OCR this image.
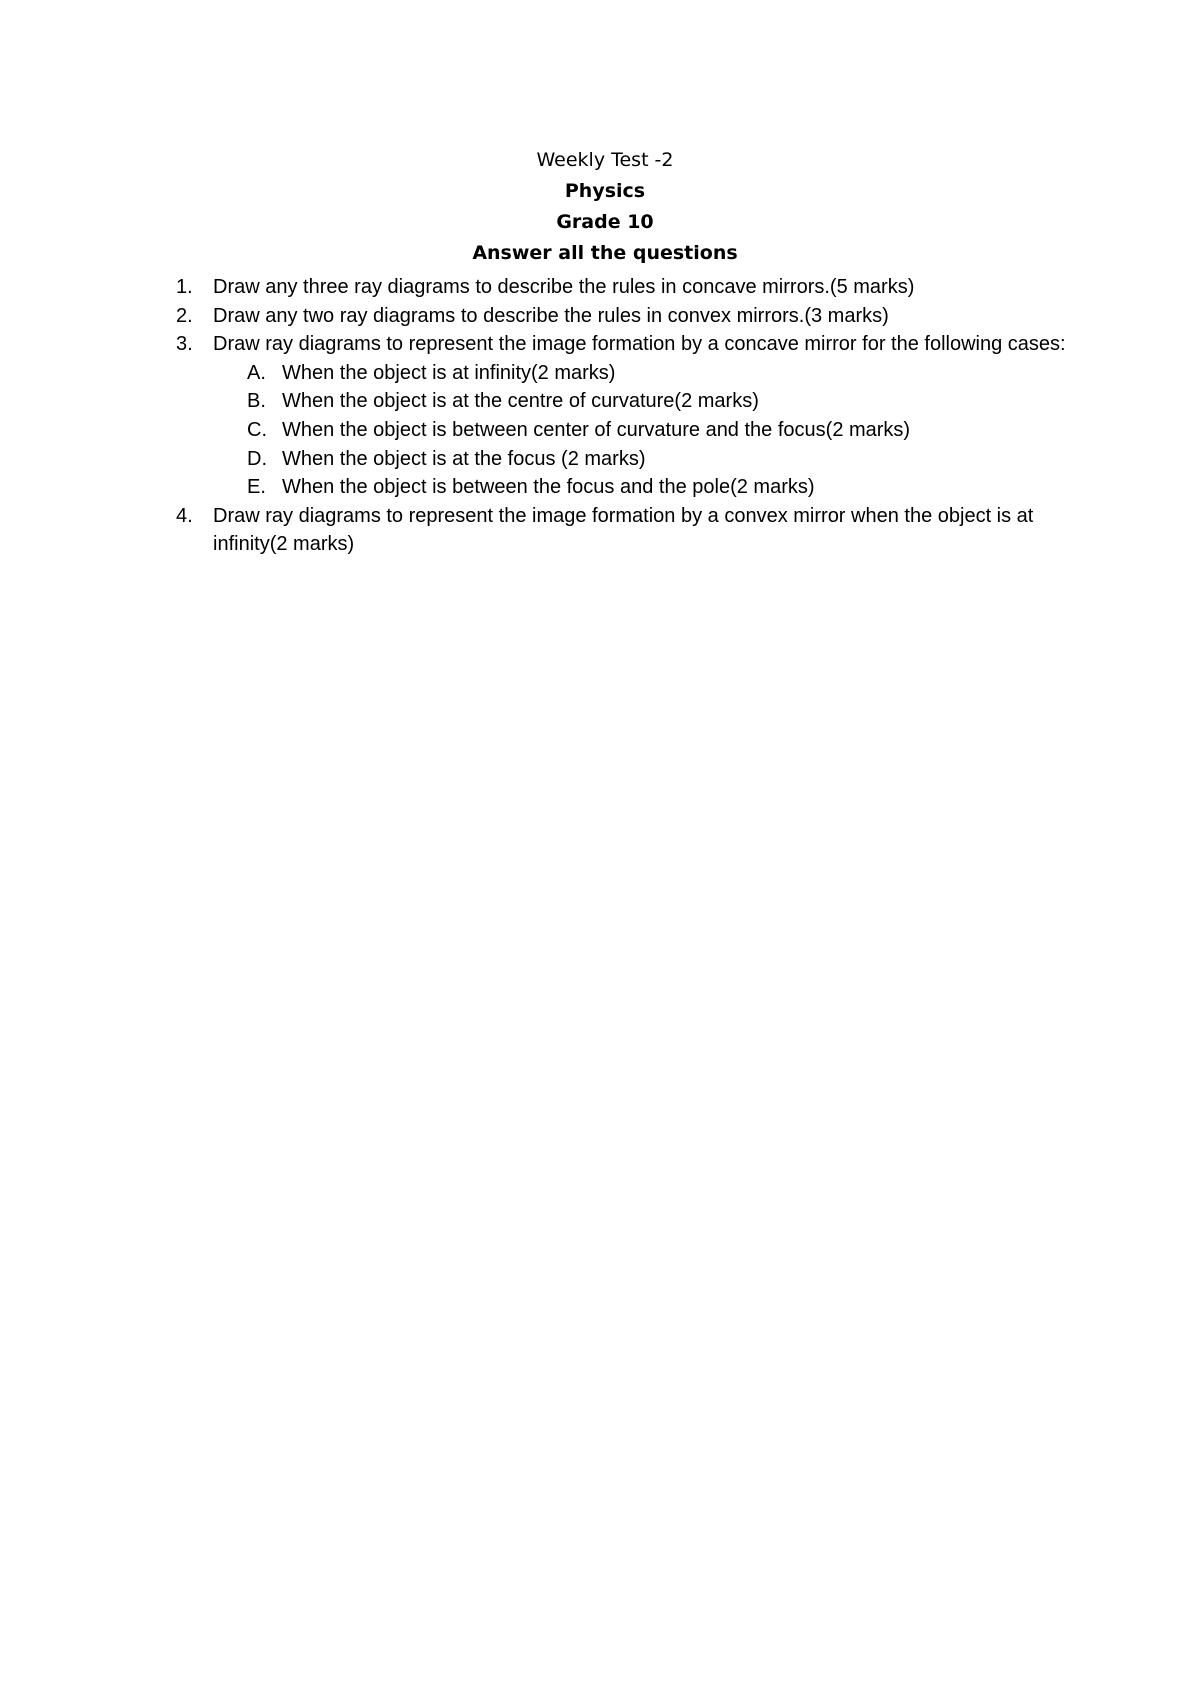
Weekly Test -2
Physics
Grade 10
Answer all the questions
1. Draw any three ray diagrams to describe the rules in concave mirrors.(5 marks)
2. Draw any two ray diagrams to describe the rules in convex mirrors.(3 marks)
3. Draw ray diagrams to represent the image formation by a concave mirror for the following cases:
A. When the object is at infinity(2 marks)
B. When the object is at the centre of curvature(2 marks)
C. When the object is between center of curvature and the focus(2 marks)
D. When the object is at the focus (2 marks)
E. When the object is between the focus and the pole(2 marks)
4. Draw ray diagrams to represent the image formation by a convex mirror when the object is at infinity(2 marks)
